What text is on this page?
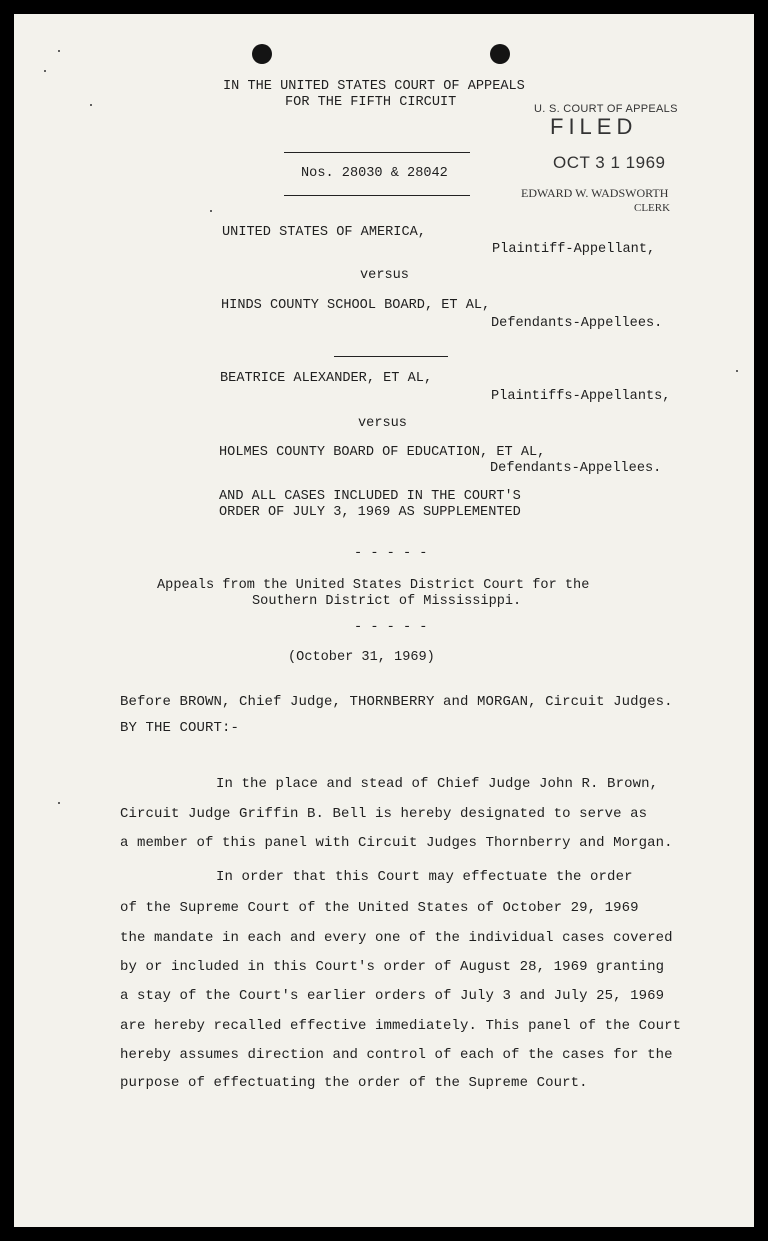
IN THE UNITED STATES COURT OF APPEALS
FOR THE FIFTH CIRCUIT	U. S. COURT OF APPEALS
FILED
OCT 3 1 1969
EDWARD W. WADSWORTH
CLERK
Nos. 28030 & 28042
UNITED STATES OF AMERICA,
Plaintiff-Appellant,
versus
HINDS COUNTY SCHOOL BOARD, ET AL,
Defendants-Appellees.
BEATRICE ALEXANDER, ET AL,
Plaintiffs-Appellants,
versus
HOLMES COUNTY BOARD OF EDUCATION, ET AL,
Defendants-Appellees.
AND ALL CASES INCLUDED IN THE COURT'S
ORDER OF JULY 3, 1969 AS SUPPLEMENTED
- - - - -
Appeals from the United States District Court for the
Southern District of Mississippi.
- - - - -
(October 31, 1969)
Before BROWN, Chief Judge, THORNBERRY and MORGAN, Circuit Judges.
BY THE COURT:-
In the place and stead of Chief Judge John R. Brown,
Circuit Judge Griffin B. Bell is hereby designated to serve as
a member of this panel with Circuit Judges Thornberry and Morgan.
In order that this Court may effectuate the order
of the Supreme Court of the United States of October 29, 1969
the mandate in each and every one of the individual cases covered
by or included in this Court's order of August 28, 1969 granting
a stay of the Court's earlier orders of July 3 and July 25, 1969
are hereby recalled effective immediately. This panel of the Court
hereby assumes direction and control of each of the cases for the
purpose of effectuating the order of the Supreme Court.
